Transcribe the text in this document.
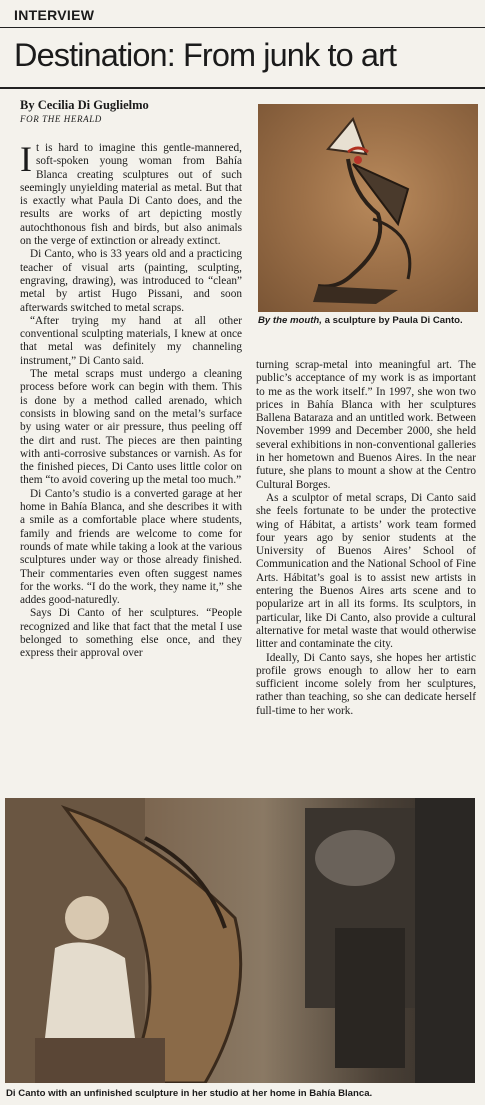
INTERVIEW
Destination: From junk to art
By Cecilia Di Guglielmo
FOR THE HERALD
By the mouth, a sculpture by Paula Di Canto.

It is hard to imagine this gentle-mannered, soft-spoken young woman from Bahía Blanca creating sculptures out of such seemingly unyielding material as metal. But that is exactly what Paula Di Canto does, and the results are works of art depicting mostly autochthonous fish and birds, but also animals on the verge of extinction or already extinct.

Di Canto, who is 33 years old and a practicing teacher of visual arts (painting, sculpting, engraving, drawing), was introduced to “clean” metal by artist Hugo Pissani, and soon afterwards switched to metal scraps.

“After trying my hand at all other conventional sculpting materials, I knew at once that metal was definitely my channeling instrument,” Di Canto said.

The metal scraps must undergo a cleaning process before work can begin with them. This is done by a method called arenado, which consists in blowing sand on the metal’s surface by using water or air pressure, thus peeling off the dirt and rust. The pieces are then painting with anti-corrosive substances or varnish. As for the finished pieces, Di Canto uses little color on them “to avoid covering up the metal too much.”

Di Canto’s studio is a converted garage at her home in Bahía Blanca, and she describes it with a smile as a comfortable place where students, family and friends are welcome to come for rounds of mate while taking a look at the various sculptures under way or those already finished. Their commentaries even often suggest names for the works. “I do the work, they name it,” she addes good-naturedly.

Says Di Canto of her sculptures. “People recognized and like that fact that the metal I use belonged to something else once, and they express their approval over

turning scrap-metal into meaningful art. The public’s acceptance of my work is as important to me as the work itself.” In 1997, she won two prices in Bahía Blanca with her sculptures Ballena Bataraza and an untitled work. Between November 1999 and December 2000, she held several exhibitions in non-conventional galleries in her hometown and Buenos Aires. In the near future, she plans to mount a show at the Centro Cultural Borges.

As a sculptor of metal scraps, Di Canto said she feels fortunate to be under the protective wing of Hábitat, a artists’ work team formed four years ago by senior students at the University of Buenos Aires’ School of Communication and the National School of Fine Arts. Hábitat’s goal is to assist new artists in entering the Buenos Aires arts scene and to popularize art in all its forms. Its sculptors, in particular, like Di Canto, also provide a cultural alternative for metal waste that would otherwise litter and contaminate the city.

Ideally, Di Canto says, she hopes her artistic profile grows enough to allow her to earn sufficient income solely from her sculptures, rather than teaching, so she can dedicate herself full-time to her work.

Di Canto with an unfinished sculpture in her studio at her home in Bahía Blanca.
